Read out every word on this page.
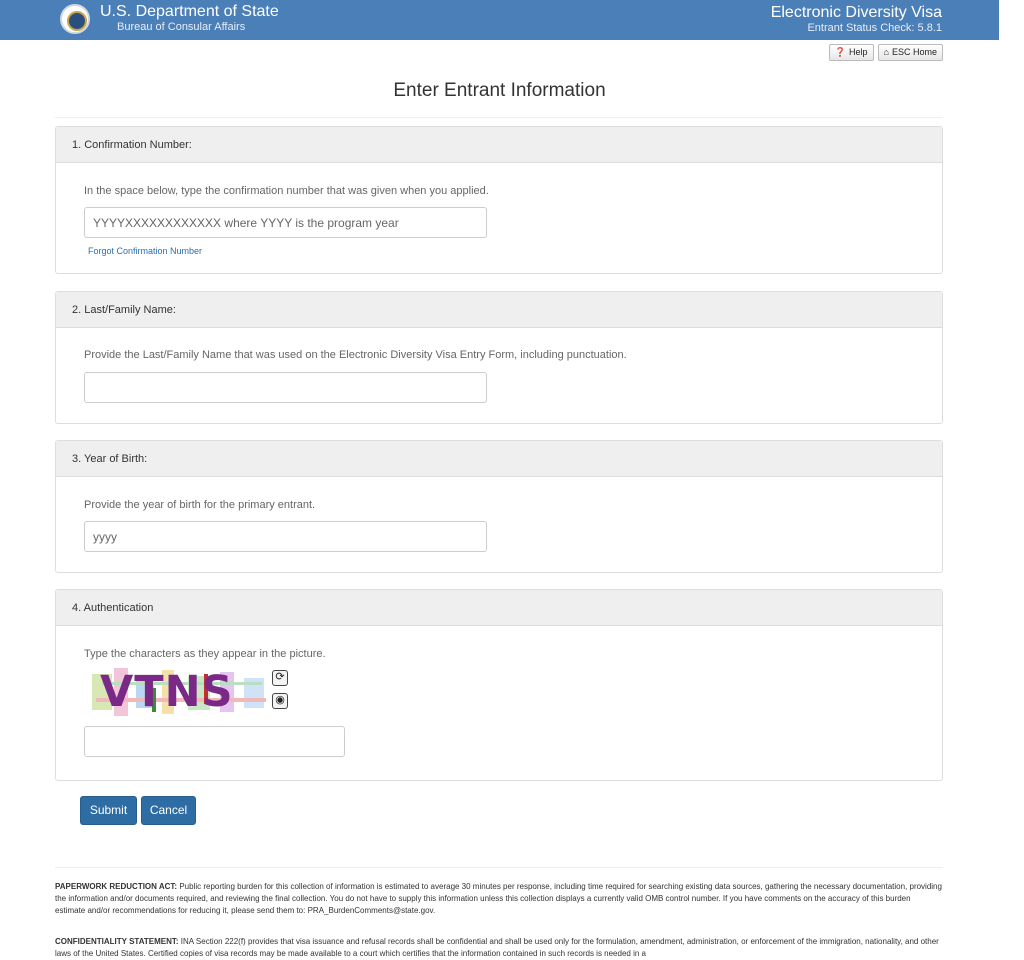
U.S. Department of State
Bureau of Consular Affairs
Electronic Diversity Visa
Entrant Status Check: 5.8.1
❓ Help ⌂ ESC Home
Enter Entrant Information
1. Confirmation Number:
In the space below, type the confirmation number that was given when you applied.
YYYYXXXXXXXXXXXX where YYYY is the program year
Forgot Confirmation Number
2. Last/Family Name:
Provide the Last/Family Name that was used on the Electronic Diversity Visa Entry Form, including punctuation.
3. Year of Birth:
Provide the year of birth for the primary entrant.
yyyy
4. Authentication
Type the characters as they appear in the picture.
VTNS	⟳
◉
Submit	Cancel
PAPERWORK REDUCTION ACT: Public reporting burden for this collection of information is estimated to average 30 minutes per response, including time required for searching existing data sources, gathering the necessary documentation, providing the information and/or documents required, and reviewing the final collection. You do not have to supply this information unless this collection displays a currently valid OMB control number. If you have comments on the accuracy of this burden estimate and/or recommendations for reducing it, please send them to: PRA_BurdenComments@state.gov.
CONFIDENTIALITY STATEMENT: INA Section 222(f) provides that visa issuance and refusal records shall be confidential and shall be used only for the formulation, amendment, administration, or enforcement of the immigration, nationality, and other laws of the United States. Certified copies of visa records may be made available to a court which certifies that the information contained in such records is needed in a
